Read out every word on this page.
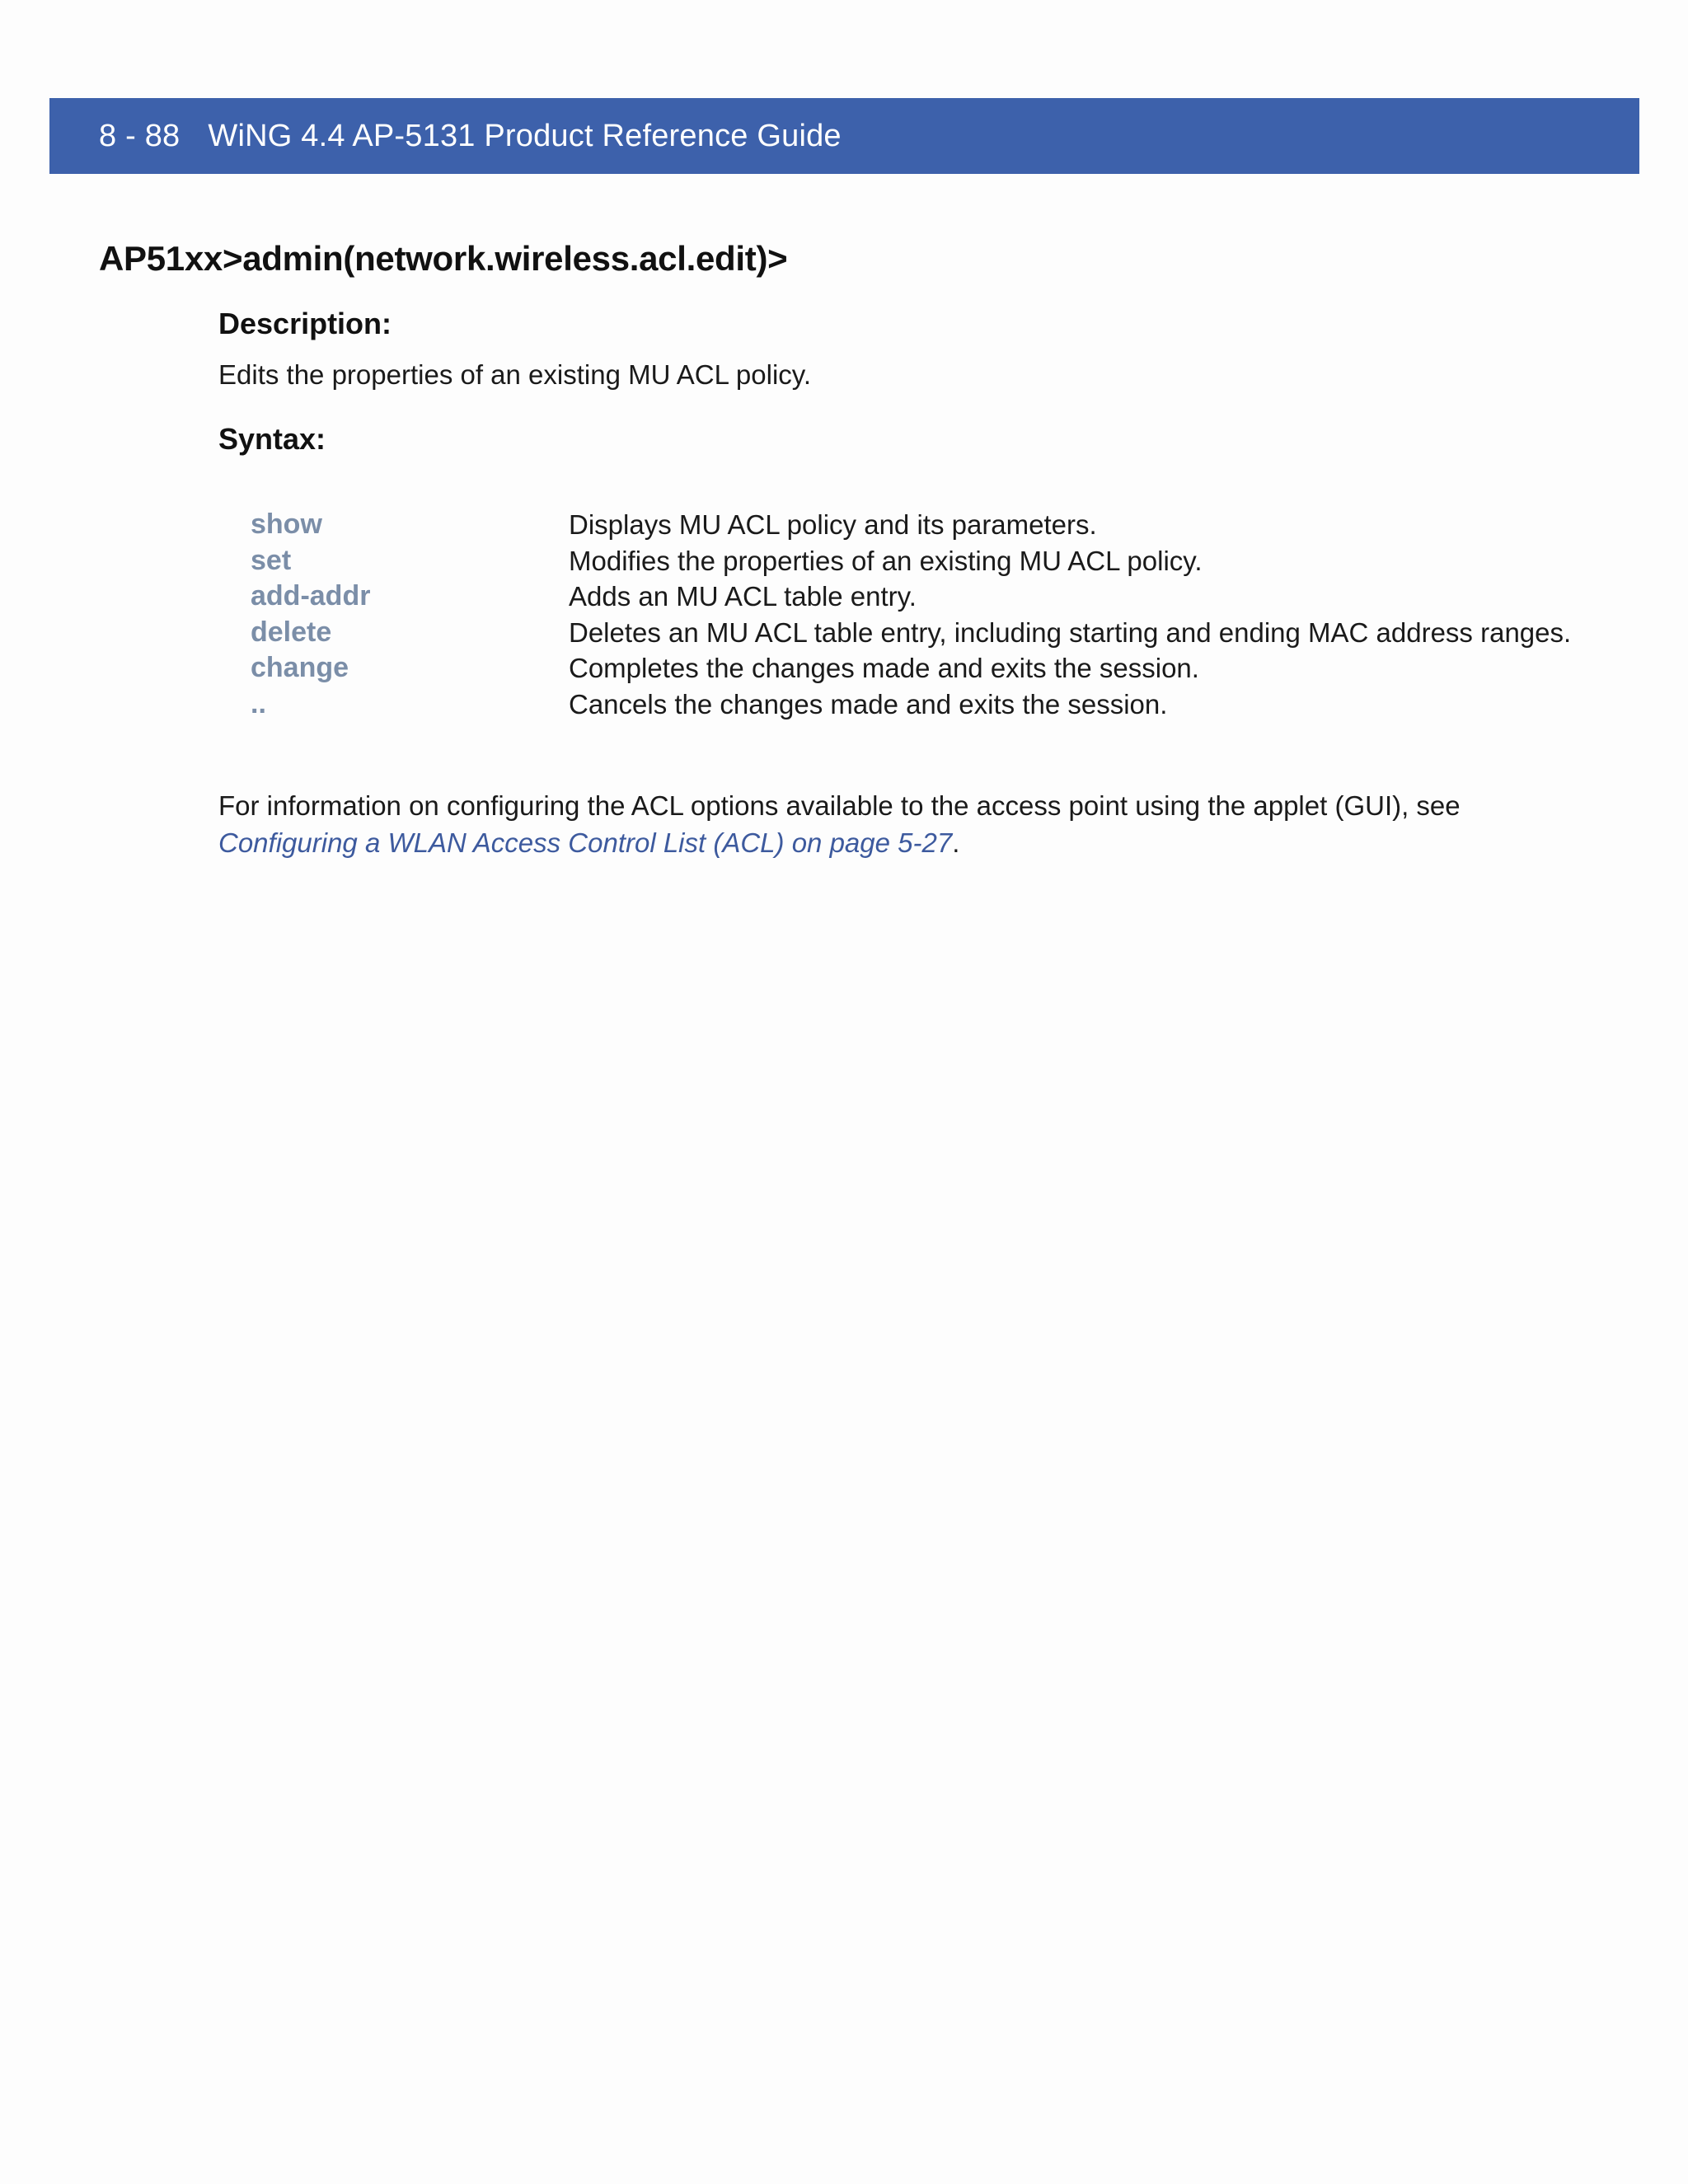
8 - 88 WiNG 4.4 AP-5131 Product Reference Guide
AP51xx>admin(network.wireless.acl.edit)>
Description:
Edits the properties of an existing MU ACL policy.
Syntax:
show	Displays MU ACL policy and its parameters.
set	Modifies the properties of an existing MU ACL policy.
add-addr	Adds an MU ACL table entry.
delete	Deletes an MU ACL table entry, including starting and ending MAC address ranges.
change	Completes the changes made and exits the session.
..	Cancels the changes made and exits the session.
For information on configuring the ACL options available to the access point using the applet (GUI), see Configuring a WLAN Access Control List (ACL) on page 5-27.
